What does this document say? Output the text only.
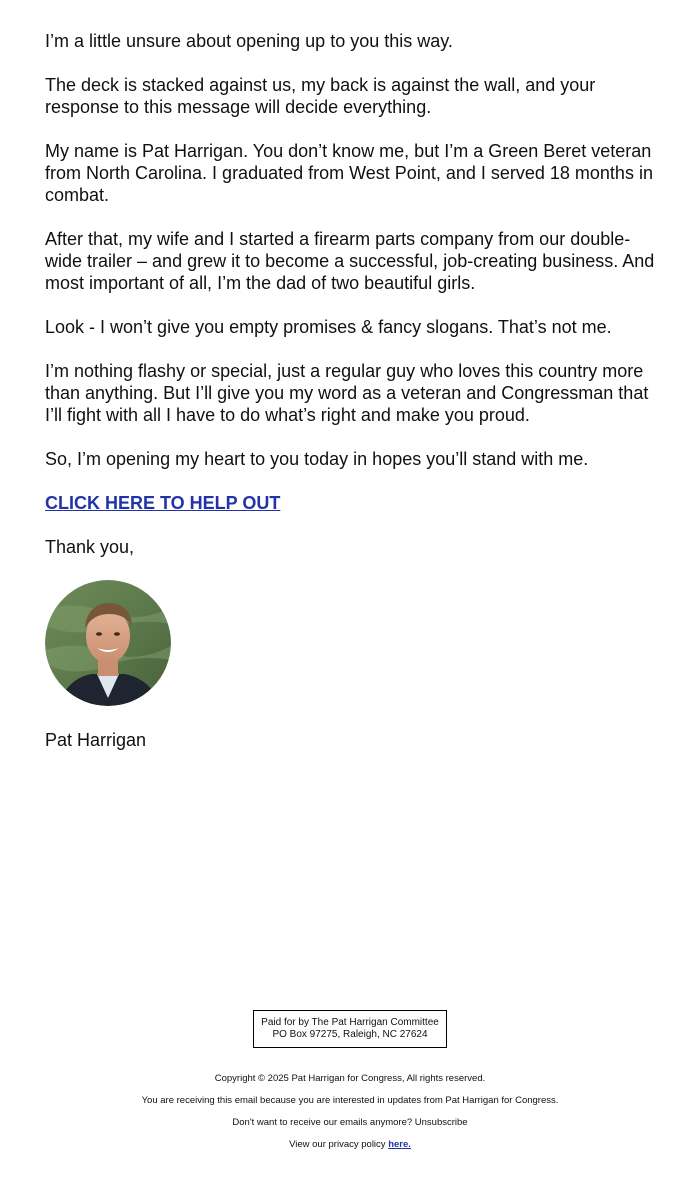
I’m a little unsure about opening up to you this way.

The deck is stacked against us, my back is against the wall, and your response to this message will decide everything.

My name is Pat Harrigan. You don’t know me, but I’m a Green Beret veteran from North Carolina. I graduated from West Point, and I served 18 months in combat.

After that, my wife and I started a firearm parts company from our double-wide trailer – and grew it to become a successful, job-creating business. And most important of all, I’m the dad of two beautiful girls.

Look - I won’t give you empty promises & fancy slogans. That’s not me.

I’m nothing flashy or special, just a regular guy who loves this country more than anything. But I’ll give you my word as a veteran and Congressman that I’ll fight with all I have to do what’s right and make you proud.

So, I’m opening my heart to you today in hopes you’ll stand with me.

CLICK HERE TO HELP OUT

Thank you,

Pat Harrigan

Paid for by The Pat Harrigan Committee
PO Box 97275, Raleigh, NC 27624

Copyright © 2025 Pat Harrigan for Congress, All rights reserved.

You are receiving this email because you are interested in updates from Pat Harrigan for Congress.

Don't want to receive our emails anymore? Unsubscribe

View our privacy policy here.
